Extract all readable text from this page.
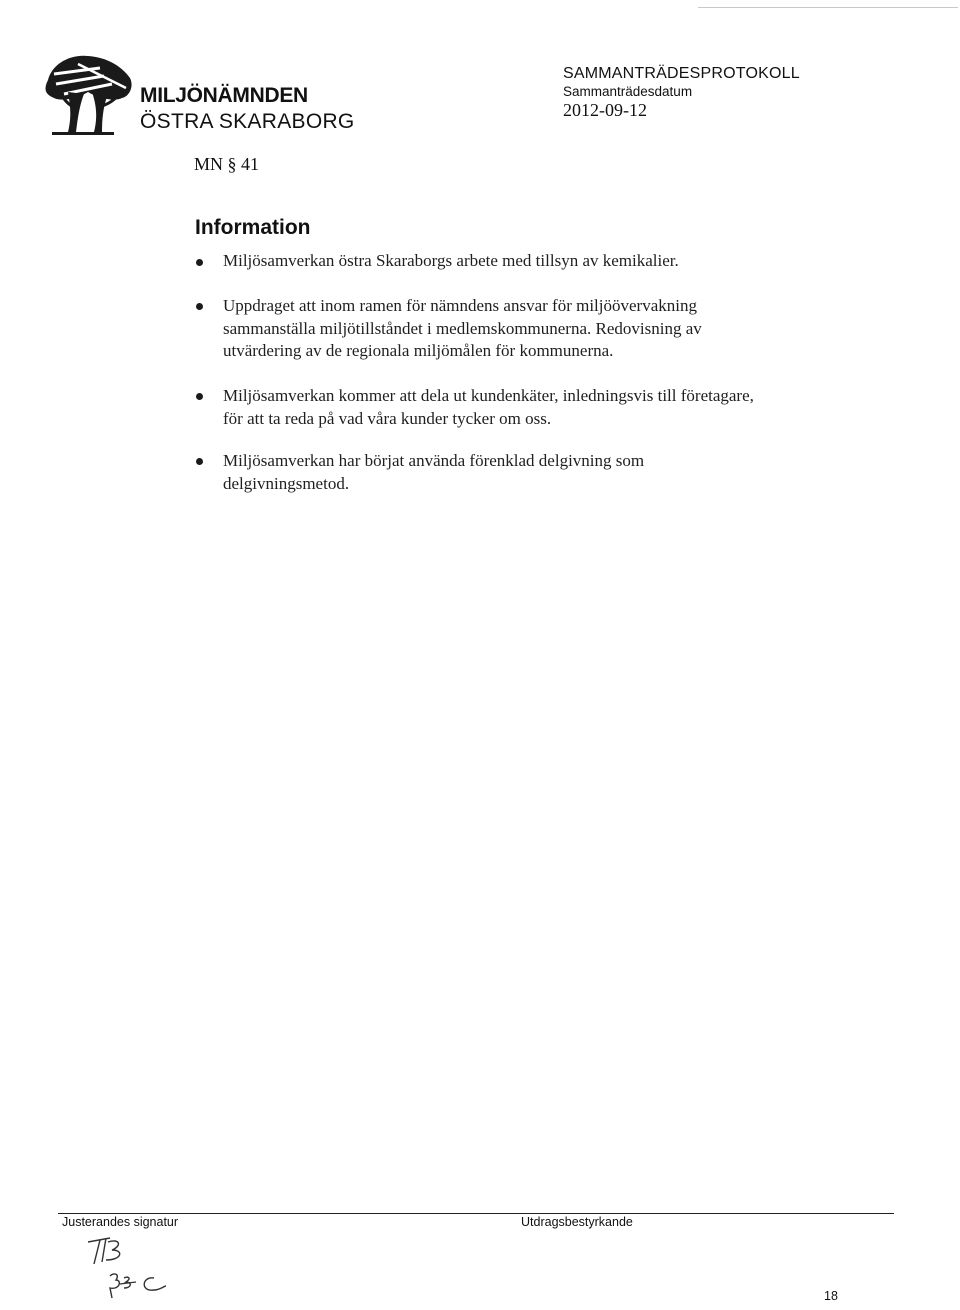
MILJÖNÄMNDEN
ÖSTRA SKARABORG
SAMMANTRÄDESPROTOKOLL
Sammanträdesdatum
2012-09-12
MN § 41
Information
Miljösamverkan östra Skaraborgs arbete med tillsyn av kemikalier.
Uppdraget att inom ramen för nämndens ansvar för miljöövervakning
sammanställa miljötillståndet i medlemskommunerna. Redovisning av
utvärdering av de regionala miljömålen för kommunerna.
Miljösamverkan kommer att dela ut kundenkäter, inledningsvis till företagare,
för att ta reda på vad våra kunder tycker om oss.
Miljösamverkan har börjat använda förenklad delgivning som
delgivningsmetod.
Justerandes signatur	Utdragsbestyrkande
18
